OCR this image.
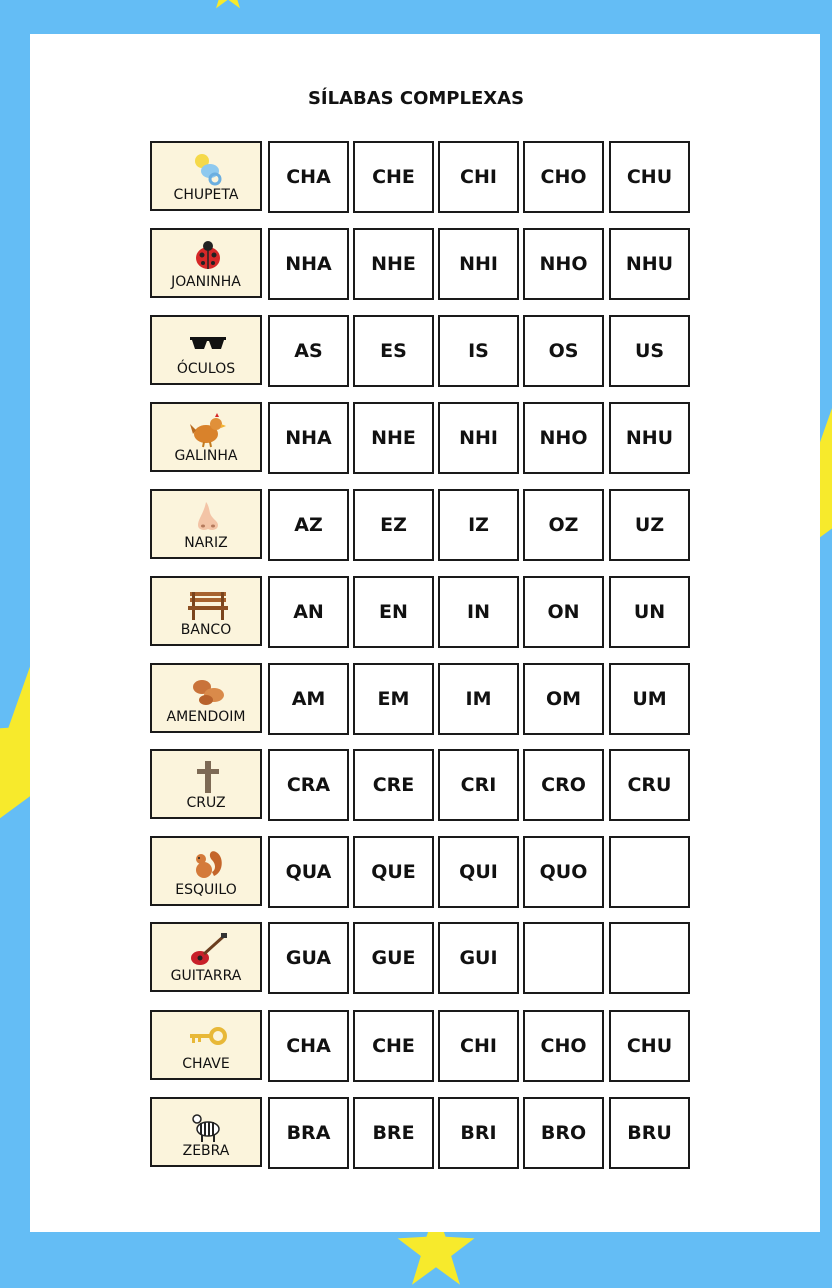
SÍLABAS COMPLEXAS
CHUPETA
CHA	CHE	CHI	CHO	CHU
JOANINHA
NHA	NHE	NHI	NHO	NHU
ÓCULOS
AS	ES	IS	OS	US
GALINHA
NHA	NHE	NHI	NHO	NHU
NARIZ
AZ	EZ	IZ	OZ	UZ
BANCO
AN	EN	IN	ON	UN
AMENDOIM
AM	EM	IM	OM	UM
CRUZ
CRA	CRE	CRI	CRO	CRU
ESQUILO
QUA	QUE	QUI	QUO
GUITARRA
GUA	GUE	GUI
CHAVE
CHA	CHE	CHI	CHO	CHU
ZEBRA
BRA	BRE	BRI	BRO	BRU
